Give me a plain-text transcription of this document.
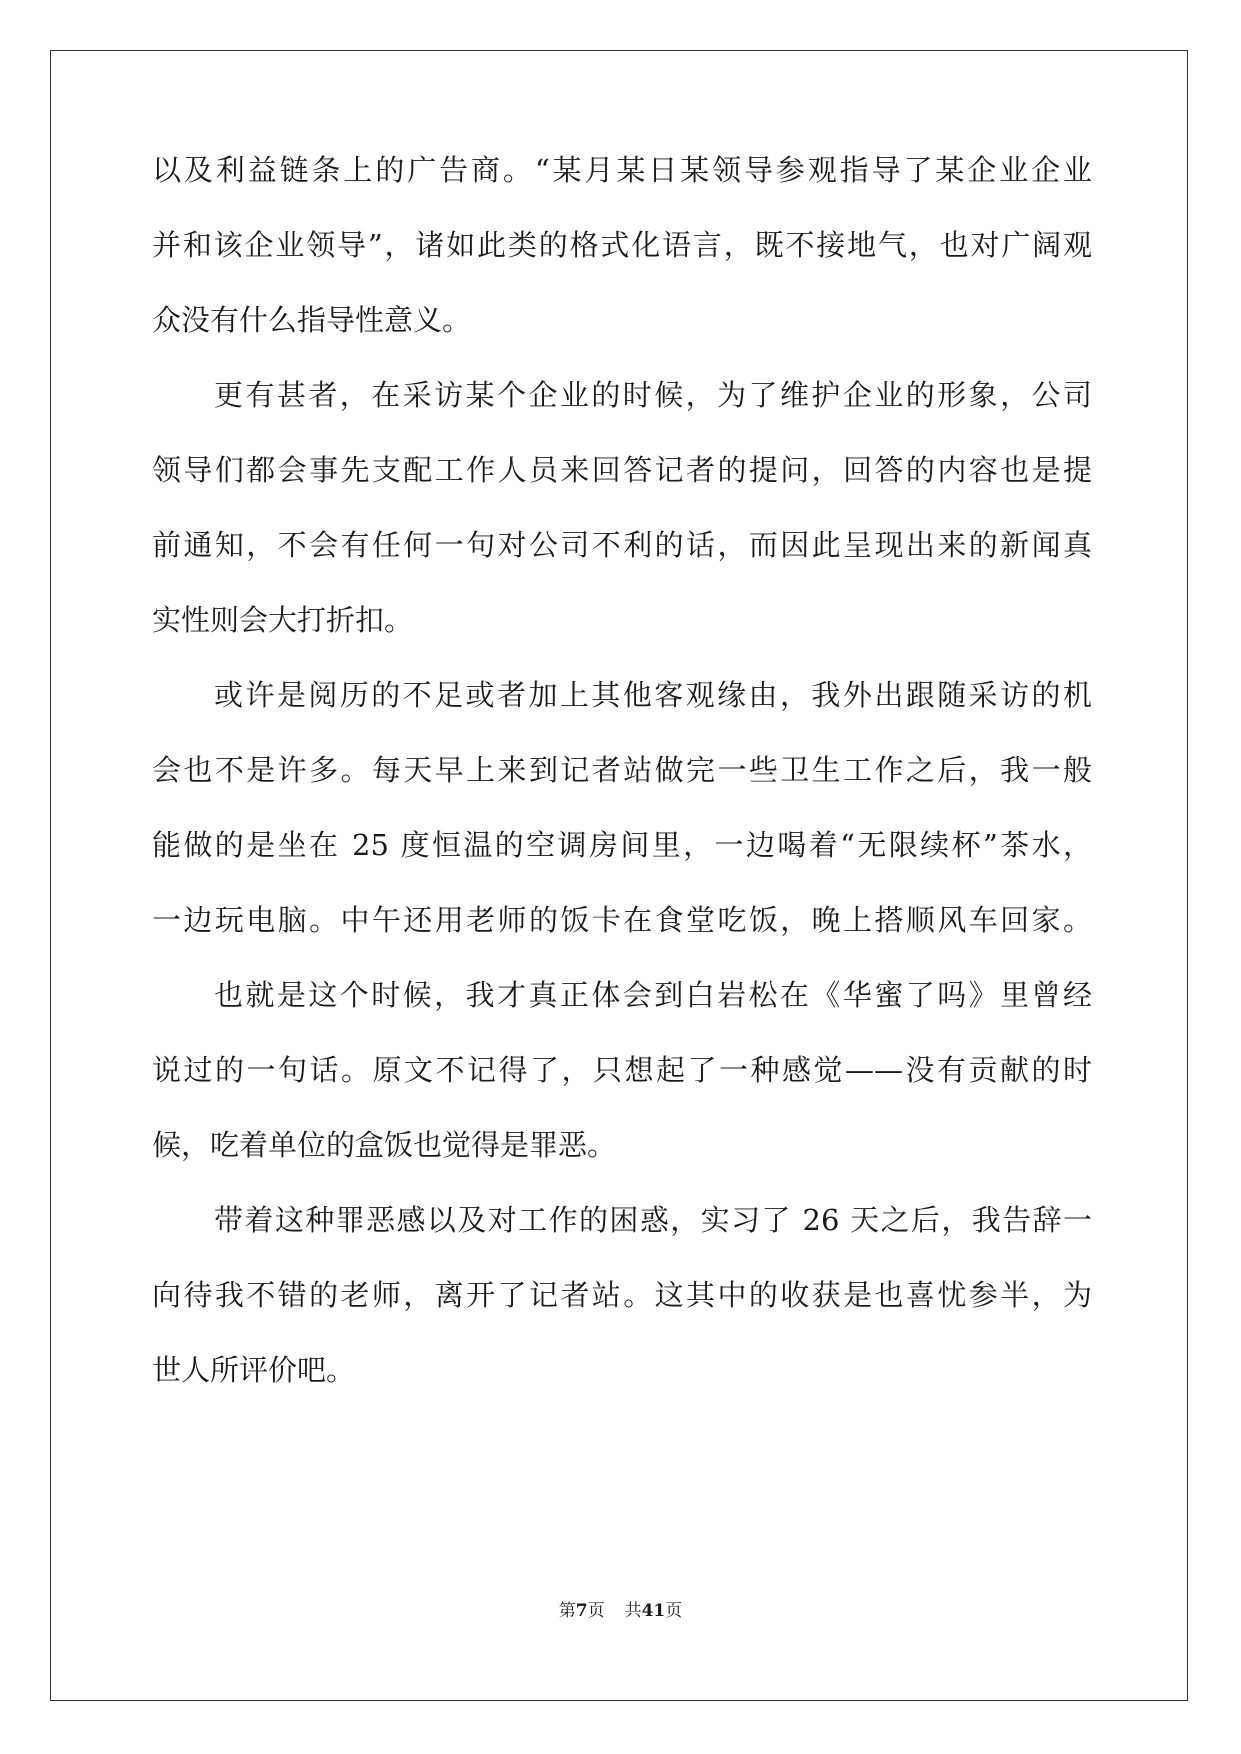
以及利益链条上的广告商。“某月某日某领导参观指导了某企业企业
并和该企业领导”，诸如此类的格式化语言，既不接地气，也对广阔观
众没有什么指导性意义。
更有甚者，在采访某个企业的时候，为了维护企业的形象，公司
领导们都会事先支配工作人员来回答记者的提问，回答的内容也是提
前通知，不会有任何一句对公司不利的话，而因此呈现出来的新闻真
实性则会大打折扣。
或许是阅历的不足或者加上其他客观缘由，我外出跟随采访的机
会也不是许多。每天早上来到记者站做完一些卫生工作之后，我一般
能做的是坐在 25 度恒温的空调房间里，一边喝着“无限续杯”茶水，
一边玩电脑。中午还用老师的饭卡在食堂吃饭，晚上搭顺风车回家。
也就是这个时候，我才真正体会到白岩松在《华蜜了吗》里曾经
说过的一句话。原文不记得了，只想起了一种感觉——没有贡献的时
候，吃着单位的盒饭也觉得是罪恶。
带着这种罪恶感以及对工作的困惑，实习了 26 天之后，我告辞一
向待我不错的老师，离开了记者站。这其中的收获是也喜忧参半，为
世人所评价吧。
第7页 共41页
